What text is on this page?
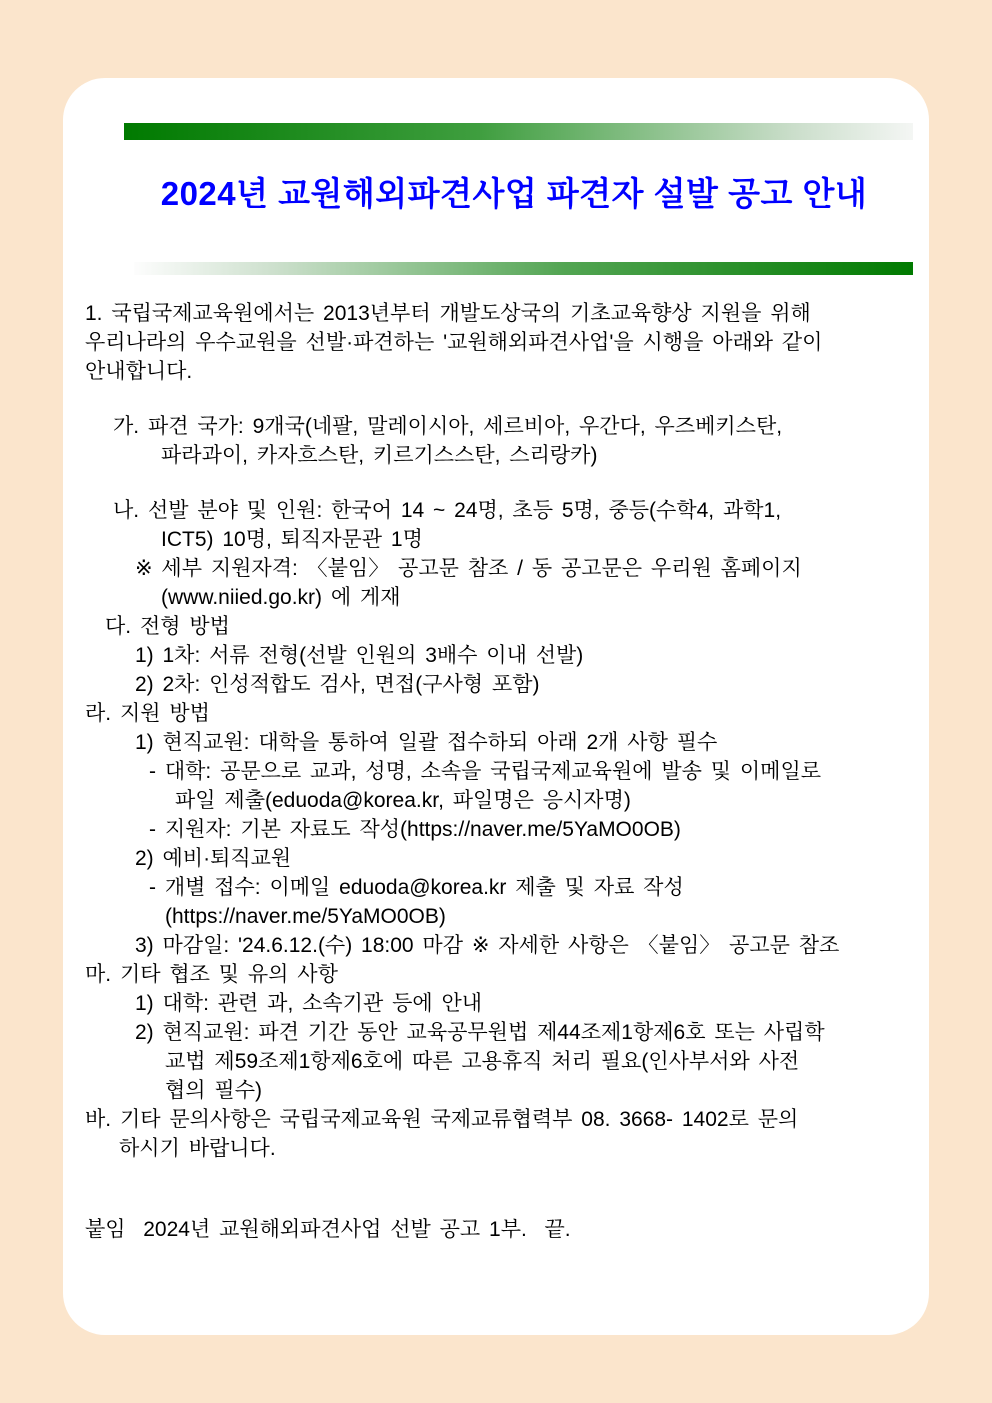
2024년 교원해외파견사업 파견자 설발 공고 안내
1. 국립국제교육원에서는 2013년부터 개발도상국의 기초교육향상 지원을 위해
우리나라의 우수교원을 선발·파견하는 '교원해외파견사업'을 시행을 아래와 같이
안내합니다.
가. 파견 국가: 9개국(네팔, 말레이시아, 세르비아, 우간다, 우즈베키스탄,
파라과이, 카자흐스탄, 키르기스스탄, 스리랑카)
나. 선발 분야 및 인원: 한국어 14 ~ 24명, 초등 5명, 중등(수학4, 과학1,
ICT5) 10명, 퇴직자문관 1명
※ 세부 지원자격: 〈붙임〉 공고문 참조 / 동 공고문은 우리원 홈페이지
(www.niied.go.kr) 에 게재
다. 전형 방법
1) 1차: 서류 전형(선발 인원의 3배수 이내 선발)
2) 2차: 인성적합도 검사, 면접(구사형 포함)
라. 지원 방법
1) 현직교원: 대학을 통하여 일괄 접수하되 아래 2개 사항 필수
- 대학: 공문으로 교과, 성명, 소속을 국립국제교육원에 발송 및 이메일로
파일 제출(eduoda@korea.kr, 파일명은 응시자명)
- 지원자: 기본 자료도 작성(https://naver.me/5YaMO0OB)
2) 예비·퇴직교원
- 개별 접수: 이메일 eduoda@korea.kr 제출 및 자료 작성
(https://naver.me/5YaMO0OB)
3) 마감일: '24.6.12.(수) 18:00 마감 ※ 자세한 사항은 〈붙임〉 공고문 참조
마. 기타 협조 및 유의 사항
1) 대학: 관련 과, 소속기관 등에 안내
2) 현직교원: 파견 기간 동안 교육공무원법 제44조제1항제6호 또는 사립학
교법 제59조제1항제6호에 따른 고용휴직 처리 필요(인사부서와 사전
협의 필수)
바. 기타 문의사항은 국립국제교육원 국제교류협력부 08. 3668- 1402로 문의
하시기 바랍니다.
붙임  2024년 교원해외파견사업 선발 공고 1부.  끝.
